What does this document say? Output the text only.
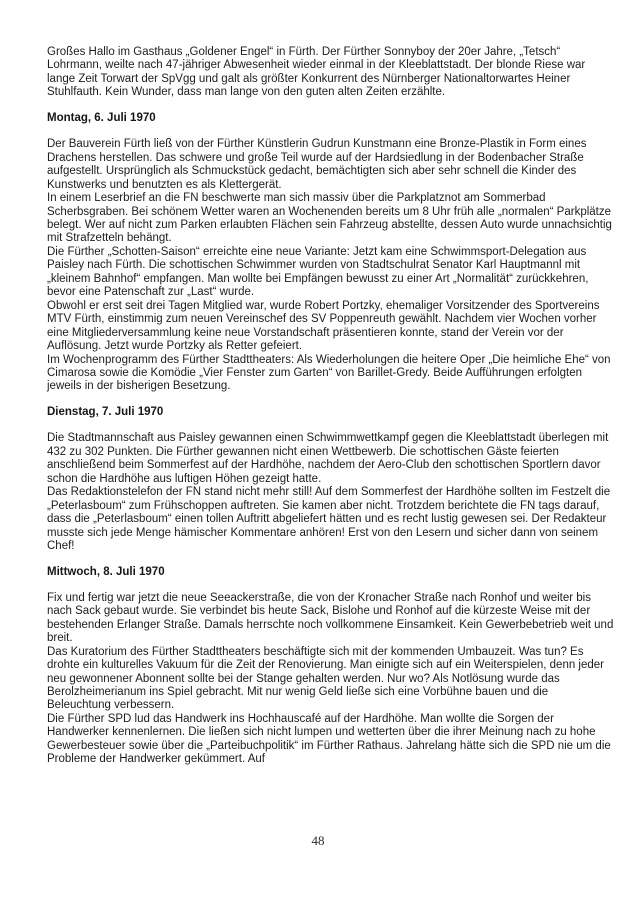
Großes Hallo im Gasthaus „Goldener Engel“ in Fürth. Der Fürther Sonnyboy der 20er Jahre, „Tetsch“ Lohrmann, weilte nach 47-jähriger Abwesenheit wieder einmal in der Kleeblattstadt. Der blonde Riese war lange Zeit Torwart der SpVgg und galt als größter Konkurrent des Nürnberger Nationaltorwartes Heiner Stuhlfauth. Kein Wunder, dass man lange von den guten alten Zeiten erzählte.

Montag, 6. Juli 1970

Der Bauverein Fürth ließ von der Fürther Künstlerin Gudrun Kunstmann eine Bronze-Plastik in Form eines Drachens herstellen. Das schwere und große Teil wurde auf der Hardsiedlung in der Bodenbacher Straße aufgestellt. Ursprünglich als Schmuckstück gedacht, bemächtigten sich aber sehr schnell die Kinder des Kunstwerks und benutzten es als Klettergerät.

In einem Leserbrief an die FN beschwerte man sich massiv über die Parkplatznot am Sommerbad Scherbsgraben. Bei schönem Wetter waren an Wochenenden bereits um 8 Uhr früh alle „normalen“ Parkplätze belegt. Wer auf nicht zum Parken erlaubten Flächen sein Fahrzeug abstellte, dessen Auto wurde unnachsichtig mit Strafzetteln behängt.

Die Fürther „Schotten-Saison“ erreichte eine neue Variante: Jetzt kam eine Schwimmsport-Delegation aus Paisley nach Fürth. Die schottischen Schwimmer wurden von Stadtschulrat Senator Karl Hauptmannl mit „kleinem Bahnhof“ empfangen. Man wollte bei Empfängen bewusst zu einer Art „Normalität“ zurückkehren, bevor eine Patenschaft zur „Last“ wurde.

Obwohl er erst seit drei Tagen Mitglied war, wurde Robert Portzky, ehemaliger Vorsitzender des Sportvereins MTV Fürth, einstimmig zum neuen Vereinschef des SV Poppenreuth gewählt. Nachdem vier Wochen vorher eine Mitgliederversammlung keine neue Vorstandschaft präsentieren konnte, stand der Verein vor der Auflösung. Jetzt wurde Portzky als Retter gefeiert.

Im Wochenprogramm des Fürther Stadttheaters: Als Wiederholungen die heitere Oper „Die heimliche Ehe“ von Cimarosa sowie die Komödie „Vier Fenster zum Garten“ von Barillet-Gredy. Beide Aufführungen erfolgten jeweils in der bisherigen Besetzung.

Dienstag, 7. Juli 1970

Die Stadtmannschaft aus Paisley gewannen einen Schwimmwettkampf gegen die Kleeblattstadt überlegen mit 432 zu 302 Punkten. Die Fürther gewannen nicht einen Wettbewerb. Die schottischen Gäste feierten anschließend beim Sommerfest auf der Hardhöhe, nachdem der Aero-Club den schottischen Sportlern davor schon die Hardhöhe aus luftigen Höhen gezeigt hatte.

Das Redaktionstelefon der FN stand nicht mehr still! Auf dem Sommerfest der Hardhöhe sollten im Festzelt die „Peterlasboum“ zum Frühschoppen auftreten. Sie kamen aber nicht. Trotzdem berichtete die FN tags darauf, dass die „Peterlasboum“ einen tollen Auftritt abgeliefert hätten und es recht lustig gewesen sei. Der Redakteur musste sich jede Menge hämischer Kommentare anhören! Erst von den Lesern und sicher dann von seinem Chef!

Mittwoch, 8. Juli 1970

Fix und fertig war jetzt die neue Seeackerstraße, die von der Kronacher Straße nach Ronhof und weiter bis nach Sack gebaut wurde. Sie verbindet bis heute Sack, Bislohe und Ronhof auf die kürzeste Weise mit der bestehenden Erlanger Straße. Damals herrschte noch vollkommene Einsamkeit. Kein Gewerbebetrieb weit und breit.

Das Kuratorium des Fürther Stadttheaters beschäftigte sich mit der kommenden Umbauzeit. Was tun? Es drohte ein kulturelles Vakuum für die Zeit der Renovierung. Man einigte sich auf ein Weiterspielen, denn jeder neu gewonnener Abonnent sollte bei der Stange gehalten werden. Nur wo? Als Notlösung wurde das Berolzheimerianum ins Spiel gebracht. Mit nur wenig Geld ließe sich eine Vorbühne bauen und die Beleuchtung verbessern.

Die Fürther SPD lud das Handwerk ins Hochhauscafé auf der Hardhöhe. Man wollte die Sorgen der Handwerker kennenlernen. Die ließen sich nicht lumpen und wetterten über die ihrer Meinung nach zu hohe Gewerbesteuer sowie über die „Parteibuchpolitik“ im Fürther Rathaus. Jahrelang hätte sich die SPD nie um die Probleme der Handwerker gekümmert. Auf

48
